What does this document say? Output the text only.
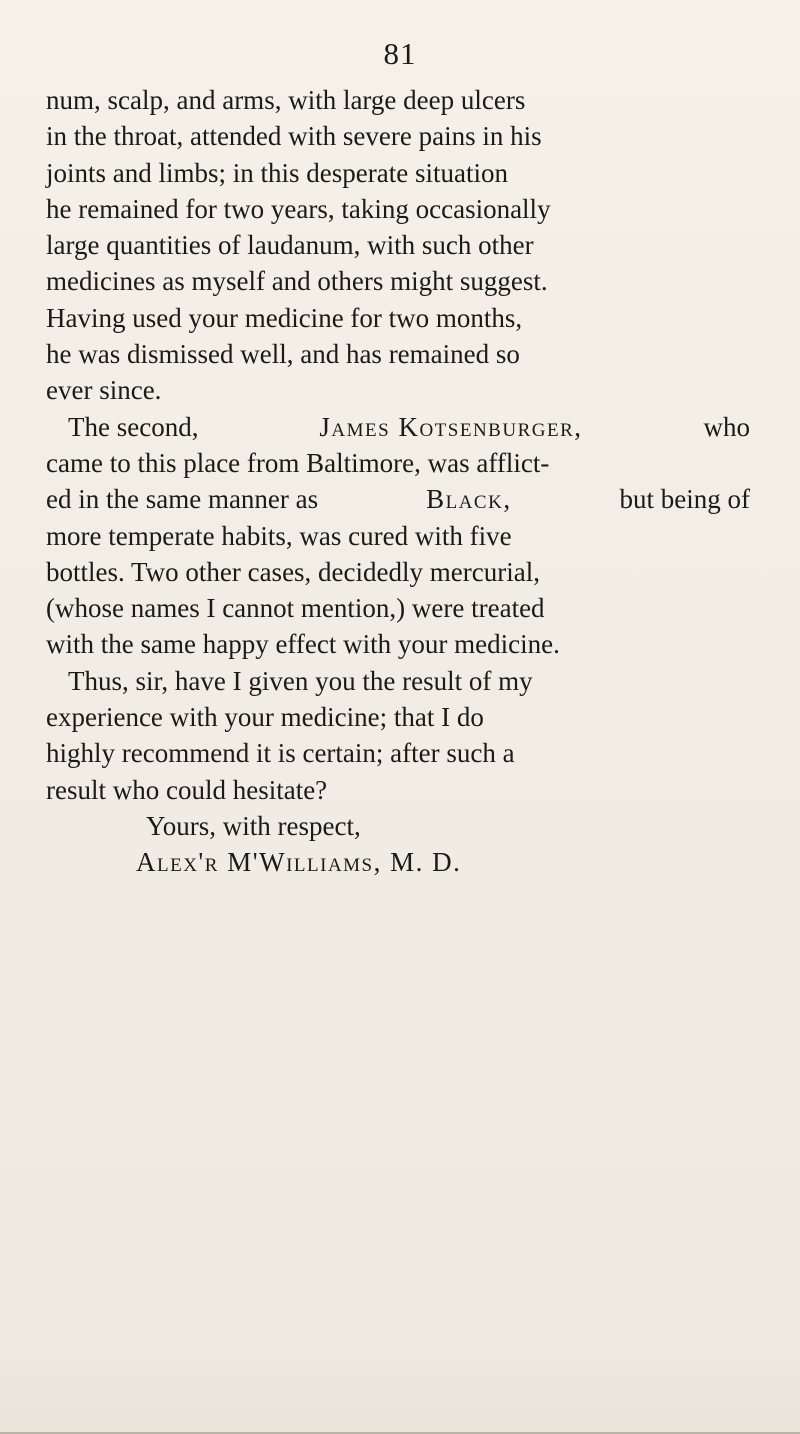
81
num, scalp, and arms, with large deep ulcers
in the throat, attended with severe pains in his
joints and limbs; in this desperate situation
he remained for two years, taking occasionally
large quantities of laudanum, with such other
medicines as myself and others might suggest.
Having used your medicine for two months,
he was dismissed well, and has remained so
ever since.
The second,	James Kotsenburger,	who
came to this place from Baltimore, was afflict-
ed in the same manner as	Black,	but being of
more temperate habits, was cured with five
bottles. Two other cases, decidedly mercurial,
(whose names I cannot mention,) were treated
with the same happy effect with your medicine.
Thus, sir, have I given you the result of my
experience with your medicine; that I do
highly recommend it is certain; after such a
result who could hesitate?
Yours, with respect,
Alex'r M'Williams, M. D.
